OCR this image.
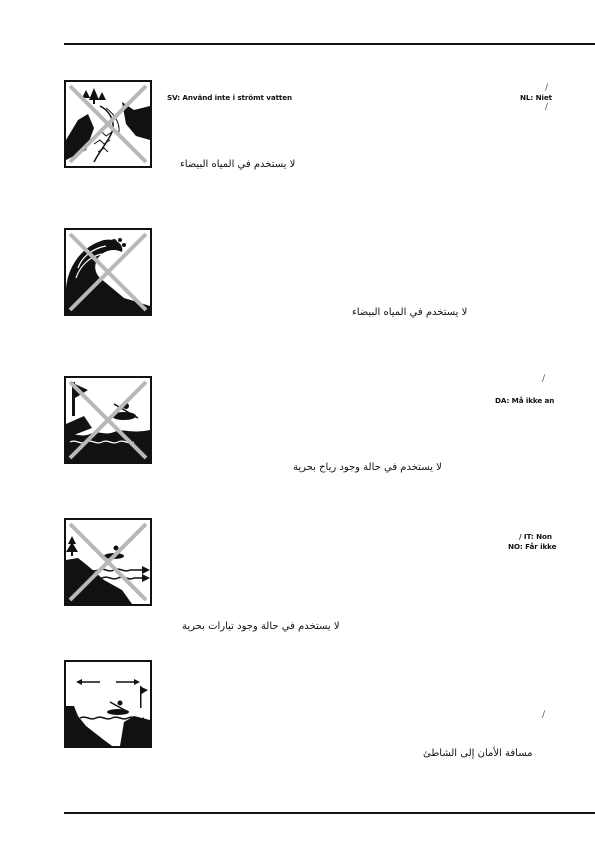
SV: Använd inte i strömt vatten
/
NL: Niet
/
لا يستخدم في المياه البيضاء
لا يستخدم في المياه البيضاء
/
DA: Må ikke an
لا يستخدم في حالة وجود رياح بحرية
/ IT: Non
NO: Får ikke
لا يستخدم في حالة وجود تيارات بحرية
/
مسافة الأمان إلى الشاطئ
